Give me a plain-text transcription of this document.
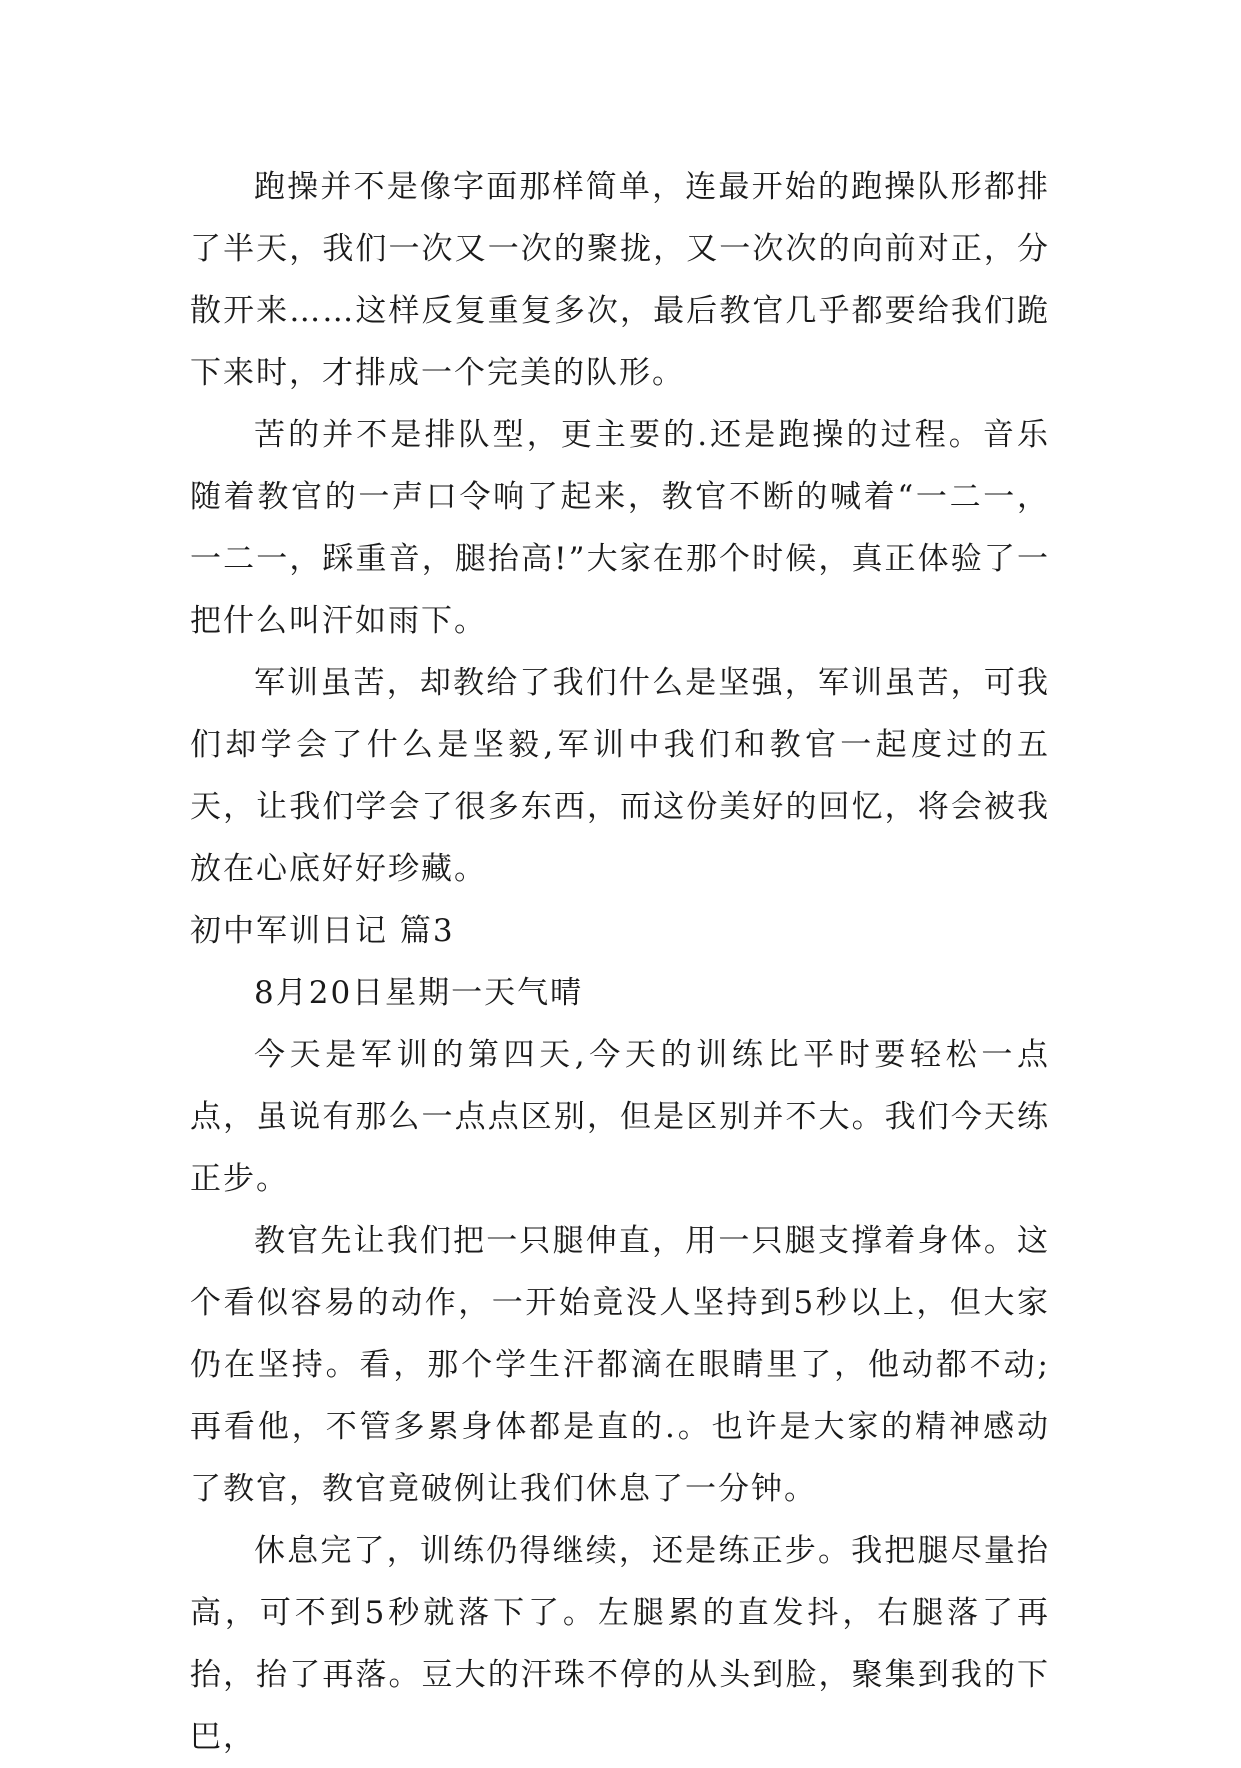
跑操并不是像字面那样简单，连最开始的跑操队形都排了半天，我们一次又一次的聚拢，又一次次的向前对正，分散开来……这样反复重复多次，最后教官几乎都要给我们跪下来时，才排成一个完美的队形。

苦的并不是排队型，更主要的.还是跑操的过程。音乐随着教官的一声口令响了起来，教官不断的喊着“一二一，一二一，踩重音，腿抬高!”大家在那个时候，真正体验了一把什么叫汗如雨下。

军训虽苦，却教给了我们什么是坚强，军训虽苦，可我们却学会了什么是坚毅,军训中我们和教官一起度过的五天，让我们学会了很多东西，而这份美好的回忆，将会被我放在心底好好珍藏。

初中军训日记 篇3

8月20日星期一天气晴

今天是军训的第四天,今天的训练比平时要轻松一点点，虽说有那么一点点区别，但是区别并不大。我们今天练正步。

教官先让我们把一只腿伸直，用一只腿支撑着身体。这个看似容易的动作，一开始竟没人坚持到5秒以上，但大家仍在坚持。看，那个学生汗都滴在眼睛里了，他动都不动;再看他，不管多累身体都是直的.。也许是大家的精神感动了教官，教官竟破例让我们休息了一分钟。

休息完了，训练仍得继续，还是练正步。我把腿尽量抬高，可不到5秒就落下了。左腿累的直发抖，右腿落了再抬，抬了再落。豆大的汗珠不停的从头到脸，聚集到我的下巴，
